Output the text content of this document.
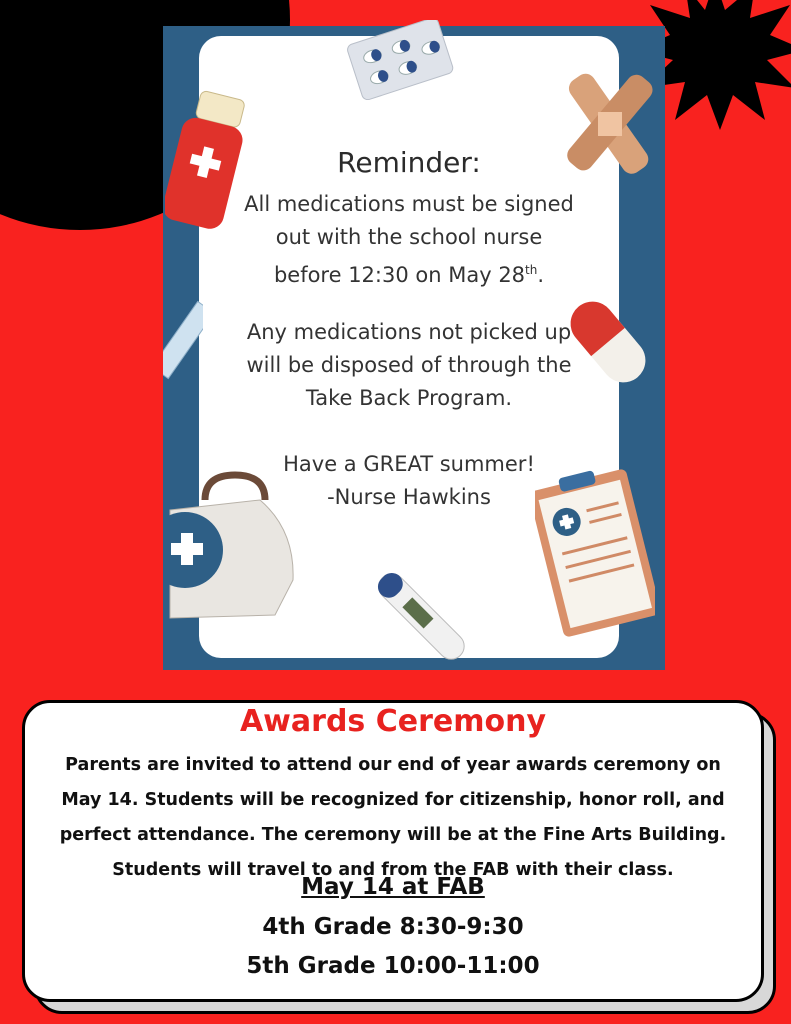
Reminder:
All medications must be signed
out with the school nurse
before 12:30 on May 28th.
Any medications not picked up
will be disposed of through the
Take Back Program.
Have a GREAT summer!
-Nurse Hawkins
Awards Ceremony
Parents are invited to attend our end of year awards ceremony on
May 14. Students will be recognized for citizenship, honor roll, and
perfect attendance. The ceremony will be at the Fine Arts Building.
Students will travel to and from the FAB with their class.
May 14 at FAB
4th Grade 8:30-9:30
5th Grade 10:00-11:00
